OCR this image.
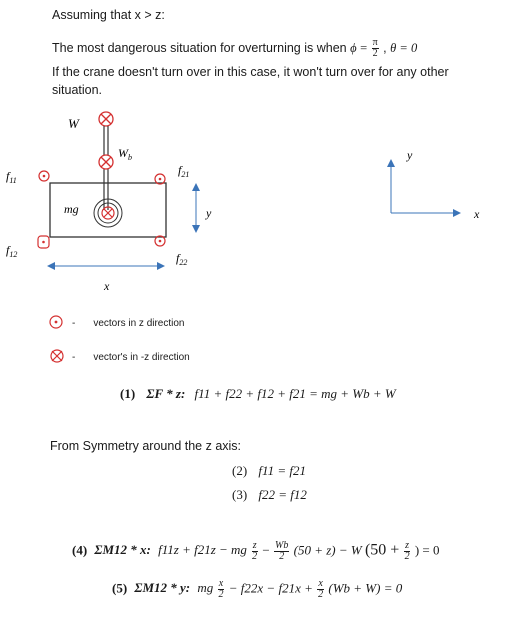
Assuming that x > z:
The most dangerous situation for overturning is when $\phi = \frac{\pi}{2}$ , θ = 0
If the crane doesn't turn over in this case, it won't turn over for any other
situation.
W
$W_b$
mg
$f_{11}$
$f_{21}$
$f_{12}$	$f_{22}$
y
x
y
x
- vectors in z direction
- vector's in -z direction
(1) ΣF * z: f11 + f22 + f12 + f21 = mg + Wb + W
From Symmetry around the z axis:
(2) f11 = f21
(3) f22 = f12
(4) ΣM12 * x: f11z + f21z − mg $\frac{z}{2} - \frac{Wb}{2} (50 + z) - W$ ($50 + \frac{z}{2}$ ) = 0
(5) ΣM12 * y: mg $\frac{x}{2} - f22x - f21x + \frac{x}{2} (Wb + W) = 0$
